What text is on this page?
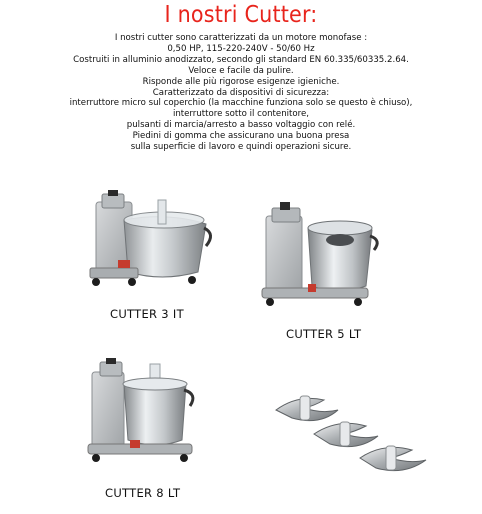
I nostri Cutter:
I nostri cutter sono caratterizzati da un motore monofase :
0,50 HP, 115-220-240V - 50/60 Hz
Costruiti in alluminio anodizzato, secondo gli standard EN 60.335/60335.2.64.
Veloce e facile da pulire.
Risponde alle più rigorose esigenze igieniche.
Caratterizzato da dispositivi di sicurezza:
interruttore micro sul coperchio (la macchine funziona solo se questo è chiuso),
interruttore sotto il contenitore,
pulsanti di marcia/arresto a basso voltaggio con relé.
Piedini di gomma che assicurano una buona presa
sulla superficie di lavoro e quindi operazioni sicure.
CUTTER 3 IT
CUTTER 5 LT
CUTTER 8 LT
